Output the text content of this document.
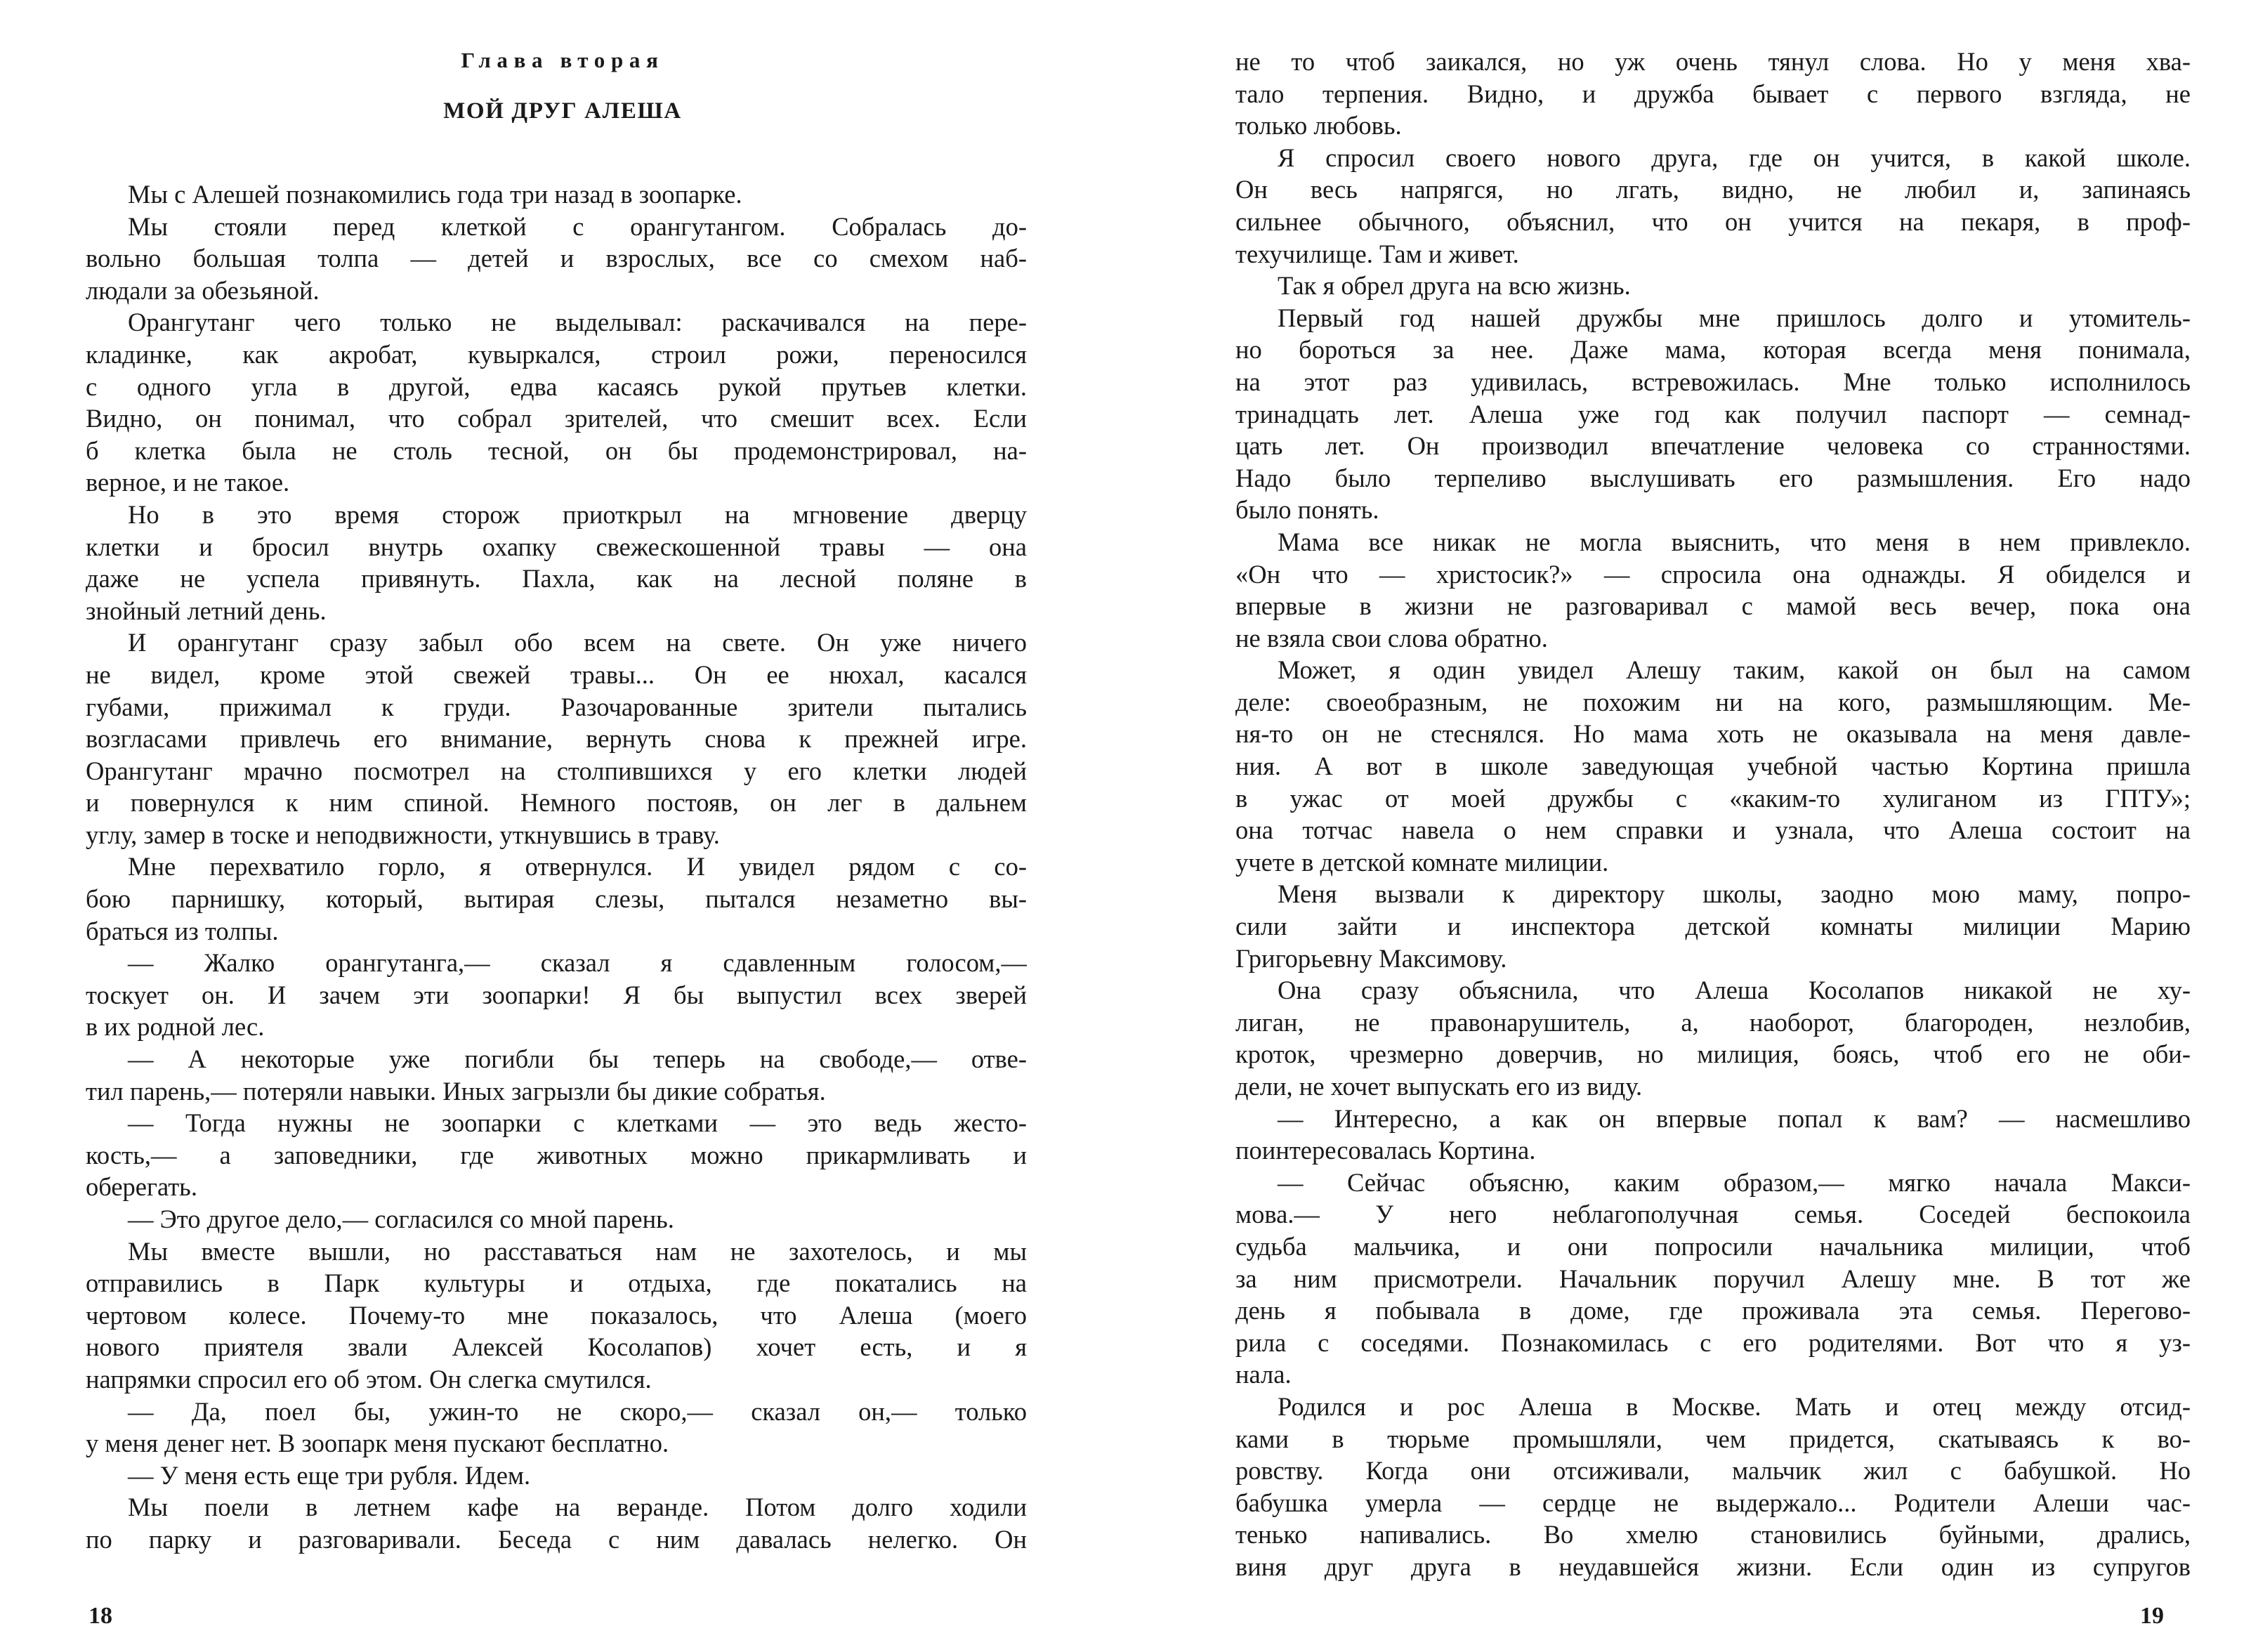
Глава вторая

МОЙ ДРУГ АЛЕША

Мы с Алешей познакомились года три назад в зоопарке.
Мы стояли перед клеткой с орангутангом. Собралась до-
вольно большая толпа — детей и взрослых, все со смехом наб-
людали за обезьяной.
Орангутанг чего только не выделывал: раскачивался на пере-
кладинке, как акробат, кувыркался, строил рожи, переносился
с одного угла в другой, едва касаясь рукой прутьев клетки.
Видно, он понимал, что собрал зрителей, что смешит всех. Если
б клетка была не столь тесной, он бы продемонстрировал, на-
верное, и не такое.
Но в это время сторож приоткрыл на мгновение дверцу
клетки и бросил внутрь охапку свежескошенной травы — она
даже не успела привянуть. Пахла, как на лесной поляне в
знойный летний день.
И орангутанг сразу забыл обо всем на свете. Он уже ничего
не видел, кроме этой свежей травы... Он ее нюхал, касался
губами, прижимал к груди. Разочарованные зрители пытались
возгласами привлечь его внимание, вернуть снова к прежней игре.
Орангутанг мрачно посмотрел на столпившихся у его клетки людей
и повернулся к ним спиной. Немного постояв, он лег в дальнем
углу, замер в тоске и неподвижности, уткнувшись в траву.
Мне перехватило горло, я отвернулся. И увидел рядом с со-
бою парнишку, который, вытирая слезы, пытался незаметно вы-
браться из толпы.
— Жалко орангутанга,— сказал я сдавленным голосом,—
тоскует он. И зачем эти зоопарки! Я бы выпустил всех зверей
в их родной лес.
— А некоторые уже погибли бы теперь на свободе,— отве-
тил парень,— потеряли навыки. Иных загрызли бы дикие собратья.
— Тогда нужны не зоопарки с клетками — это ведь жесто-
кость,— а заповедники, где животных можно прикармливать и
оберегать.
— Это другое дело,— согласился со мной парень.
Мы вместе вышли, но расставаться нам не захотелось, и мы
отправились в Парк культуры и отдыха, где покатались на
чертовом колесе. Почему-то мне показалось, что Алеша (моего
нового приятеля звали Алексей Косолапов) хочет есть, и я
напрямки спросил его об этом. Он слегка смутился.
— Да, поел бы, ужин-то не скоро,— сказал он,— только
у меня денег нет. В зоопарк меня пускают бесплатно.
— У меня есть еще три рубля. Идем.
Мы поели в летнем кафе на веранде. Потом долго ходили
по парку и разговаривали. Беседа с ним давалась нелегко. Он

18

не то чтоб заикался, но уж очень тянул слова. Но у меня хва-
тало терпения. Видно, и дружба бывает с первого взгляда, не
только любовь.
Я спросил своего нового друга, где он учится, в какой школе.
Он весь напрягся, но лгать, видно, не любил и, запинаясь
сильнее обычного, объяснил, что он учится на пекаря, в проф-
техучилище. Там и живет.
Так я обрел друга на всю жизнь.
Первый год нашей дружбы мне пришлось долго и утомитель-
но бороться за нее. Даже мама, которая всегда меня понимала,
на этот раз удивилась, встревожилась. Мне только исполнилось
тринадцать лет. Алеша уже год как получил паспорт — семнад-
цать лет. Он производил впечатление человека со странностями.
Надо было терпеливо выслушивать его размышления. Его надо
было понять.
Мама все никак не могла выяснить, что меня в нем привлекло.
«Он что — христосик?» — спросила она однажды. Я обиделся и
впервые в жизни не разговаривал с мамой весь вечер, пока она
не взяла свои слова обратно.
Может, я один увидел Алешу таким, какой он был на самом
деле: своеобразным, не похожим ни на кого, размышляющим. Ме-
ня-то он не стеснялся. Но мама хоть не оказывала на меня давле-
ния. А вот в школе заведующая учебной частью Кортина пришла
в ужас от моей дружбы с «каким-то хулиганом из ГПТУ»;
она тотчас навела о нем справки и узнала, что Алеша состоит на
учете в детской комнате милиции.
Меня вызвали к директору школы, заодно мою маму, попро-
сили зайти и инспектора детской комнаты милиции Марию
Григорьевну Максимову.
Она сразу объяснила, что Алеша Косолапов никакой не ху-
лиган, не правонарушитель, а, наоборот, благороден, незлобив,
кроток, чрезмерно доверчив, но милиция, боясь, чтоб его не оби-
дели, не хочет выпускать его из виду.
— Интересно, а как он впервые попал к вам? — насмешливо
поинтересовалась Кортина.
— Сейчас объясню, каким образом,— мягко начала Макси-
мова.— У него неблагополучная семья. Соседей беспокоила
судьба мальчика, и они попросили начальника милиции, чтоб
за ним присмотрели. Начальник поручил Алешу мне. В тот же
день я побывала в доме, где проживала эта семья. Перегово-
рила с соседями. Познакомилась с его родителями. Вот что я уз-
нала.
Родился и рос Алеша в Москве. Мать и отец между отсид-
ками в тюрьме промышляли, чем придется, скатываясь к во-
ровству. Когда они отсиживали, мальчик жил с бабушкой. Но
бабушка умерла — сердце не выдержало... Родители Алеши час-
тенько напивались. Во хмелю становились буйными, дрались,
виня друг друга в неудавшейся жизни. Если один из супругов

19
